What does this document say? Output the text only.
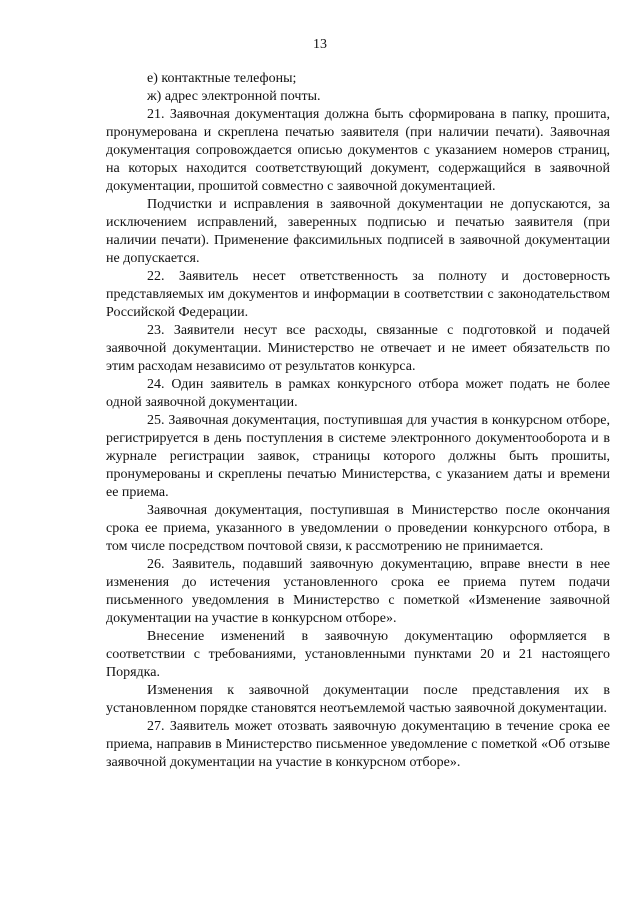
13

е) контактные телефоны;

ж) адрес электронной почты.

21. Заявочная документация должна быть сформирована в папку, прошита, пронумерована и скреплена печатью заявителя (при наличии печати). Заявочная документация сопровождается описью документов с указанием номеров страниц, на которых находится соответствующий документ, содержащийся в заявочной документации, прошитой совместно с заявочной документацией.

Подчистки и исправления в заявочной документации не допускаются, за исключением исправлений, заверенных подписью и печатью заявителя (при наличии печати). Применение факсимильных подписей в заявочной документации не допускается.

22. Заявитель несет ответственность за полноту и достоверность представляемых им документов и информации в соответствии с законодательством Российской Федерации.

23. Заявители несут все расходы, связанные с подготовкой и подачей заявочной документации. Министерство не отвечает и не имеет обязательств по этим расходам независимо от результатов конкурса.

24. Один заявитель в рамках конкурсного отбора может подать не более одной заявочной документации.

25. Заявочная документация, поступившая для участия в конкурсном отборе, регистрируется в день поступления в системе электронного документооборота и в журнале регистрации заявок, страницы которого должны быть прошиты, пронумерованы и скреплены печатью Министерства, с указанием даты и времени ее приема.

Заявочная документация, поступившая в Министерство после окончания срока ее приема, указанного в уведомлении о проведении конкурсного отбора, в том числе посредством почтовой связи, к рассмотрению не принимается.

26. Заявитель, подавший заявочную документацию, вправе внести в нее изменения до истечения установленного срока ее приема путем подачи письменного уведомления в Министерство с пометкой «Изменение заявочной документации на участие в конкурсном отборе».

Внесение изменений в заявочную документацию оформляется в соответствии с требованиями, установленными пунктами 20 и 21 настоящего Порядка.

Изменения к заявочной документации после представления их в установленном порядке становятся неотъемлемой частью заявочной документации.

27. Заявитель может отозвать заявочную документацию в течение срока ее приема, направив в Министерство письменное уведомление с пометкой «Об отзыве заявочной документации на участие в конкурсном отборе».
